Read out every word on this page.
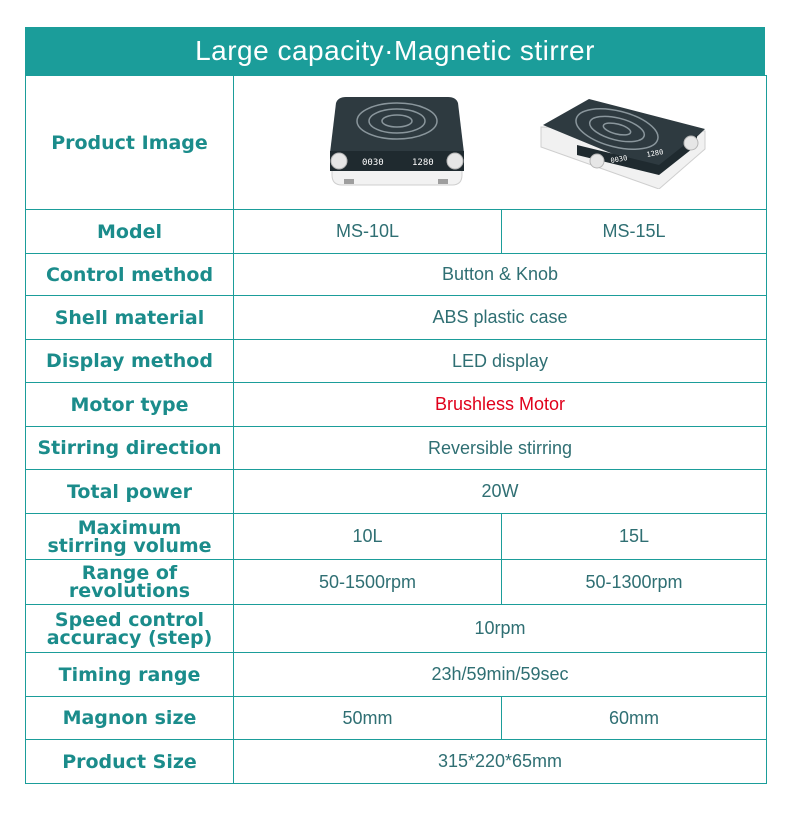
Large capacity·Magnetic stirrer
Product Image	0030 1280 0030
1280	

Model	MS-10L	MS-15L
Control method	Button & Knob	
Shell material	ABS plastic case	
Display method	LED display	
Motor type	Brushless Motor	
Stirring direction	Reversible stirring	
Total power	20W	

Maximum
stirring volume	10L	15L

Range of
revolutions	50-1500rpm	50-1300rpm

Speed control
accuracy (step)	10rpm	
Timing range	23h/59min/59sec	
Magnon size	50mm	60mm
Product Size	315*220*65mm	
